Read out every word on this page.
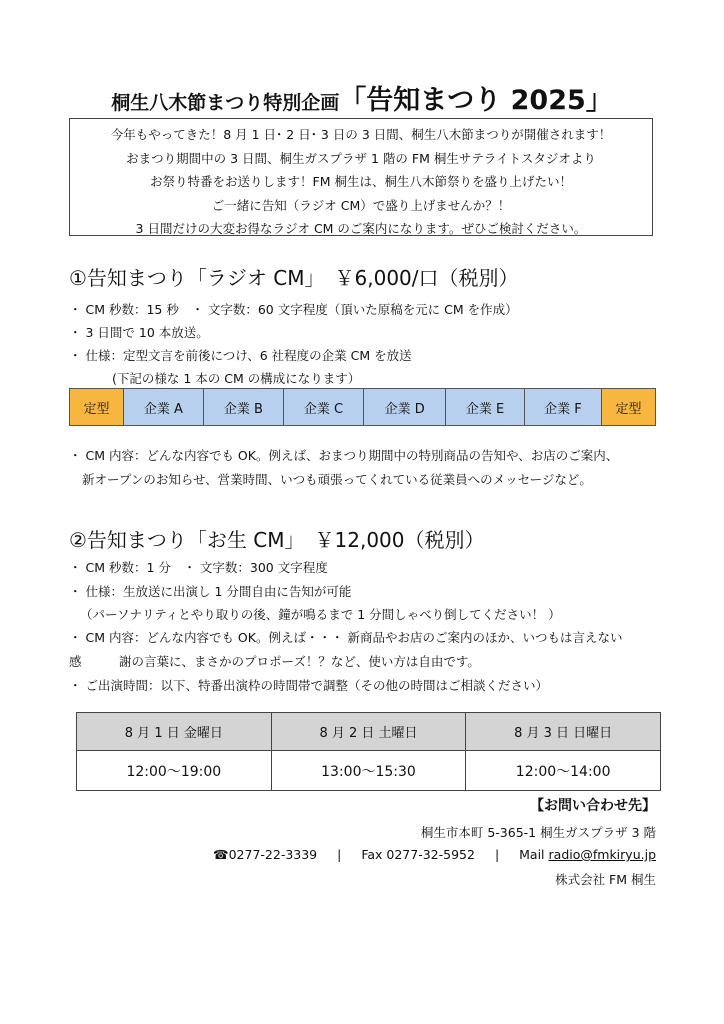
桐生八木節まつり特別企画「告知まつり 2025」
今年もやってきた！8 月 1 日･ 2 日･ 3 日の 3 日間、桐生八木節まつりが開催されます！
おまつり期間中の 3 日間、桐生ガスプラザ 1 階の FM 桐生サテライトスタジオより
お祭り特番をお送りします！FM 桐生は、桐生八木節祭りを盛り上げたい！
ご一緒に告知（ラジオ CM）で盛り上げませんか？！
3 日間だけの大変お得なラジオ CM のご案内になります。ぜひご検討ください。
①告知まつり「ラジオ CM」　￥6,000/口（税別）
・ CM 秒数：15 秒　・ 文字数：60 文字程度（頂いた原稿を元に CM を作成）
・ 3 日間で 10 本放送。
・ 仕様：定型文言を前後につけ、6 社程度の企業 CM を放送
(下記の様な 1 本の CM の構成になります）
定型	企業 A	企業 B	企業 C	企業 D	企業 E	企業 F	定型
・ CM 内容：どんな内容でも OK。例えば、おまつり期間中の特別商品の告知や、お店のご案内、
新オープンのお知らせ、営業時間、いつも頑張ってくれている従業員へのメッセージなど。
②告知まつり「お生 CM」　￥12,000（税別）
・ CM 秒数：1 分　・ 文字数：300 文字程度
・ 仕様：生放送に出演し 1 分間自由に告知が可能
（パーソナリティとやり取りの後、鐘が鳴るまで 1 分間しゃべり倒してください！ ）
・ CM 内容：どんな内容でも OK。例えば・・・ 新商品やお店のご案内のほか、いつもは言えない
感　　　謝の言葉に、まさかのプロポーズ！？など、使い方は自由です。
・ ご出演時間：以下、特番出演枠の時間帯で調整（その他の時間はご相談ください）
8 月 1 日 金曜日	8 月 2 日 土曜日	8 月 3 日 日曜日
12:00～19:00	13:00～15:30	12:00～14:00
【お問い合わせ先】
桐生市本町 5-365-1 桐生ガスプラザ 3 階
☎0277-22-3339 | Fax 0277-32-5952 | Mail radio@fmkiryu.jp
株式会社 FM 桐生
